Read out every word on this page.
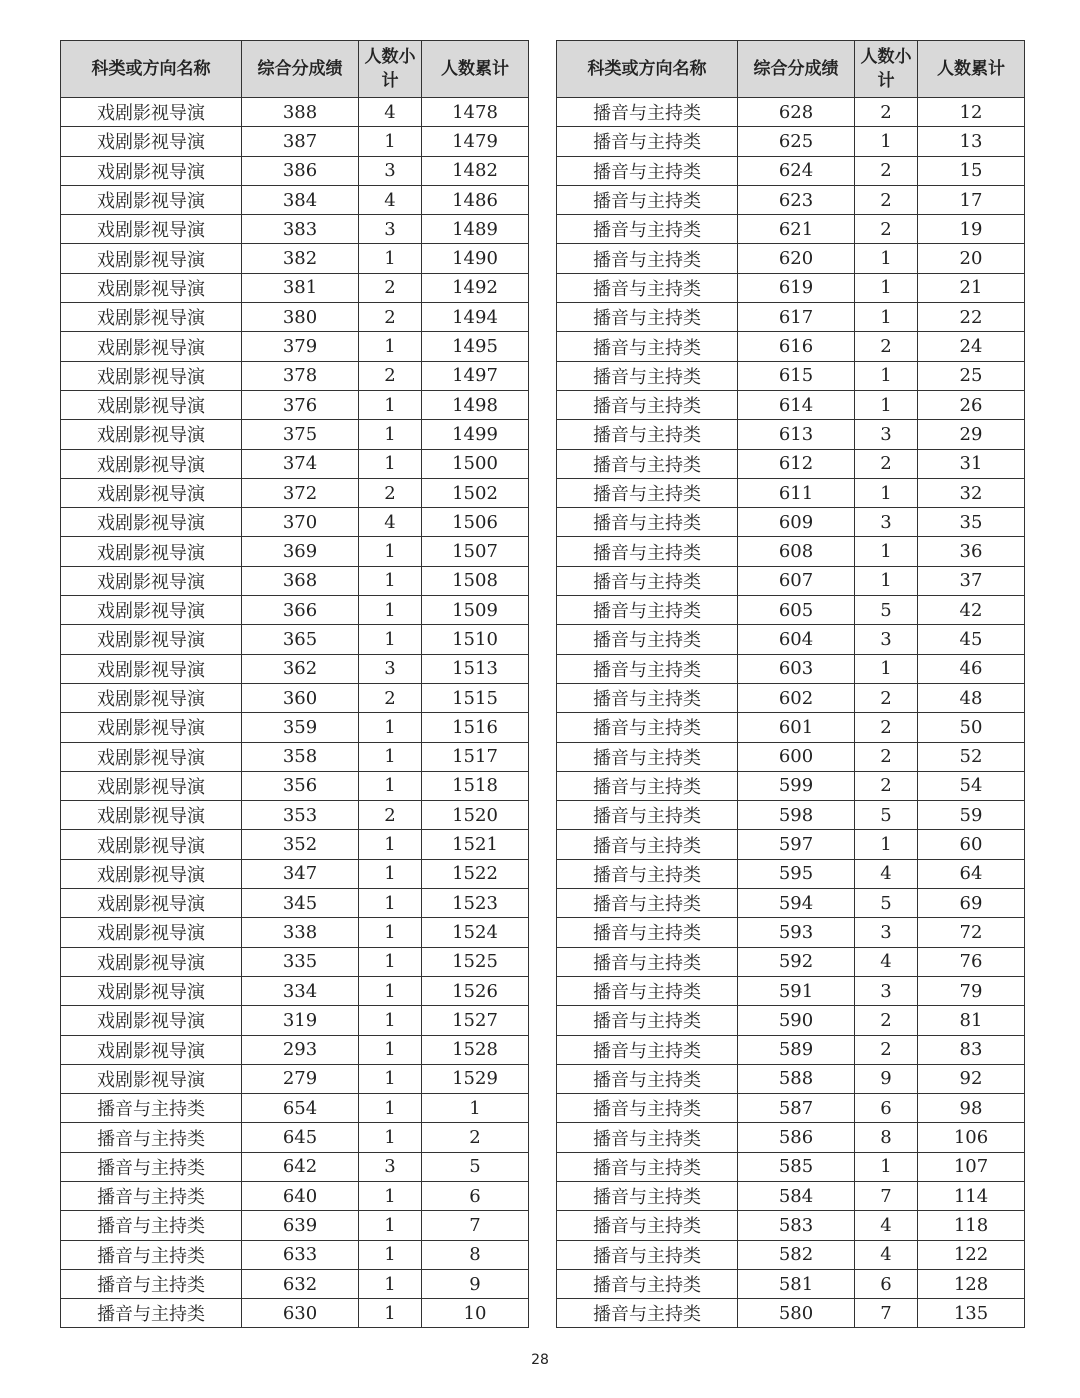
科类或方向名称	综合分成绩	人数小计	人数累计
戏剧影视导演	388	4	1478
戏剧影视导演	387	1	1479
戏剧影视导演	386	3	1482
戏剧影视导演	384	4	1486
戏剧影视导演	383	3	1489
戏剧影视导演	382	1	1490
戏剧影视导演	381	2	1492
戏剧影视导演	380	2	1494
戏剧影视导演	379	1	1495
戏剧影视导演	378	2	1497
戏剧影视导演	376	1	1498
戏剧影视导演	375	1	1499
戏剧影视导演	374	1	1500
戏剧影视导演	372	2	1502
戏剧影视导演	370	4	1506
戏剧影视导演	369	1	1507
戏剧影视导演	368	1	1508
戏剧影视导演	366	1	1509
戏剧影视导演	365	1	1510
戏剧影视导演	362	3	1513
戏剧影视导演	360	2	1515
戏剧影视导演	359	1	1516
戏剧影视导演	358	1	1517
戏剧影视导演	356	1	1518
戏剧影视导演	353	2	1520
戏剧影视导演	352	1	1521
戏剧影视导演	347	1	1522
戏剧影视导演	345	1	1523
戏剧影视导演	338	1	1524
戏剧影视导演	335	1	1525
戏剧影视导演	334	1	1526
戏剧影视导演	319	1	1527
戏剧影视导演	293	1	1528
戏剧影视导演	279	1	1529
播音与主持类	654	1	1
播音与主持类	645	1	2
播音与主持类	642	3	5
播音与主持类	640	1	6
播音与主持类	639	1	7
播音与主持类	633	1	8
播音与主持类	632	1	9
播音与主持类	630	1	10
科类或方向名称	综合分成绩	人数小计	人数累计
播音与主持类	628	2	12
播音与主持类	625	1	13
播音与主持类	624	2	15
播音与主持类	623	2	17
播音与主持类	621	2	19
播音与主持类	620	1	20
播音与主持类	619	1	21
播音与主持类	617	1	22
播音与主持类	616	2	24
播音与主持类	615	1	25
播音与主持类	614	1	26
播音与主持类	613	3	29
播音与主持类	612	2	31
播音与主持类	611	1	32
播音与主持类	609	3	35
播音与主持类	608	1	36
播音与主持类	607	1	37
播音与主持类	605	5	42
播音与主持类	604	3	45
播音与主持类	603	1	46
播音与主持类	602	2	48
播音与主持类	601	2	50
播音与主持类	600	2	52
播音与主持类	599	2	54
播音与主持类	598	5	59
播音与主持类	597	1	60
播音与主持类	595	4	64
播音与主持类	594	5	69
播音与主持类	593	3	72
播音与主持类	592	4	76
播音与主持类	591	3	79
播音与主持类	590	2	81
播音与主持类	589	2	83
播音与主持类	588	9	92
播音与主持类	587	6	98
播音与主持类	586	8	106
播音与主持类	585	1	107
播音与主持类	584	7	114
播音与主持类	583	4	118
播音与主持类	582	4	122
播音与主持类	581	6	128
播音与主持类	580	7	135
28
